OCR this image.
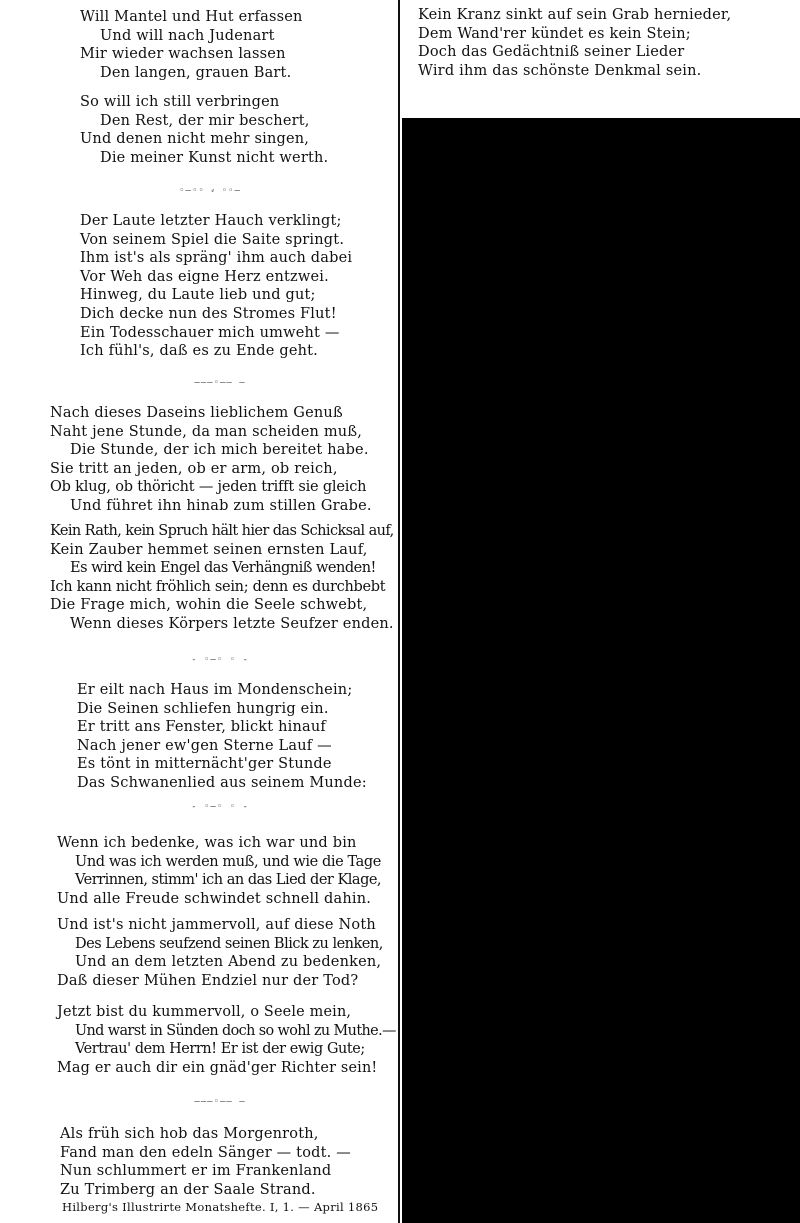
Will Mantel und Hut erfassen
Und will nach Judenart
Mir wieder wachsen lassen
Den langen, grauen Bart.
So will ich still verbringen
Den Rest, der mir beschert,
Und denen nicht mehr singen,
Die meiner Kunst nicht werth.
◦—◦◦ ⸗ ◦◦—
Der Laute letzter Hauch verklingt;
Von seinem Spiel die Saite springt.
Ihm ist's als spräng' ihm auch dabei
Vor Weh das eigne Herz entzwei.
Hinweg, du Laute lieb und gut;
Dich decke nun des Stromes Flut!
Ein Todesschauer mich umweht —
Ich fühl's, daß es zu Ende geht.
———◦—— —
Nach dieses Daseins lieblichem Genuß
Naht jene Stunde, da man scheiden muß,
Die Stunde, der ich mich bereitet habe.
Sie tritt an jeden, ob er arm, ob reich,
Ob klug, ob thöricht — jeden trifft sie gleich
Und führet ihn hinab zum stillen Grabe.
Kein Rath, kein Spruch hält hier das Schicksal auf,
Kein Zauber hemmet seinen ernsten Lauf,
Es wird kein Engel das Verhängniß wenden!
Ich kann nicht fröhlich sein; denn es durchbebt
Die Frage mich, wohin die Seele schwebt,
Wenn dieses Körpers letzte Seufzer enden.
- ◦—◦ ◦ -
Er eilt nach Haus im Mondenschein;
Die Seinen schliefen hungrig ein.
Er tritt ans Fenster, blickt hinauf
Nach jener ew'gen Sterne Lauf —
Es tönt in mitternächt'ger Stunde
Das Schwanenlied aus seinem Munde:
- ◦—◦ ◦ -
Wenn ich bedenke, was ich war und bin
Und was ich werden muß, und wie die Tage
Verrinnen, stimm' ich an das Lied der Klage,
Und alle Freude schwindet schnell dahin.
Und ist's nicht jammervoll, auf diese Noth
Des Lebens seufzend seinen Blick zu lenken,
Und an dem letzten Abend zu bedenken,
Daß dieser Mühen Endziel nur der Tod?
Jetzt bist du kummervoll, o Seele mein,
Und warst in Sünden doch so wohl zu Muthe.—
Vertrau' dem Herrn! Er ist der ewig Gute;
Mag er auch dir ein gnäd'ger Richter sein!
———◦—— —
Als früh sich hob das Morgenroth,
Fand man den edeln Sänger — todt. —
Nun schlummert er im Frankenland
Zu Trimberg an der Saale Strand.
Hilberg's Illustrirte Monatshefte. I, 1. — April 1865
Kein Kranz sinkt auf sein Grab hernieder,
Dem Wand'rer kündet es kein Stein;
Doch das Gedächtniß seiner Lieder
Wird ihm das schönste Denkmal sein.
